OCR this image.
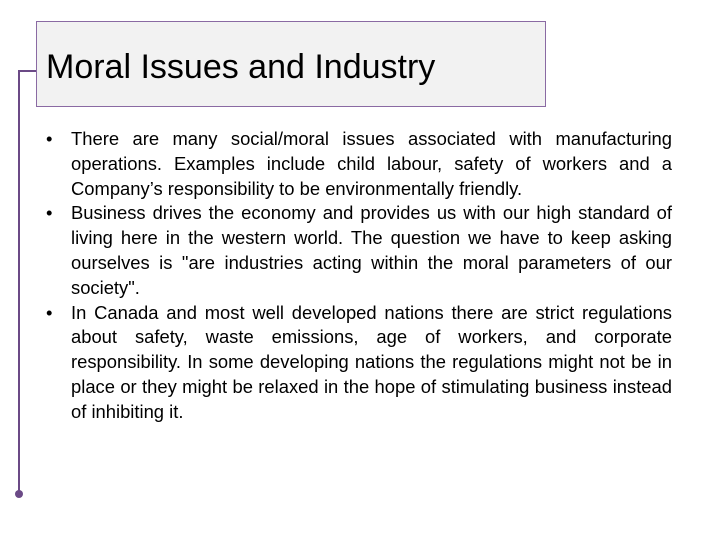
Moral Issues and Industry
• There are many social/moral issues associated with manufacturing operations. Examples include child labour, safety of workers and a Company’s responsibility to be environmentally friendly.
• Business drives the economy and provides us with our high standard of living here in the western world. The question we have to keep asking ourselves is "are industries acting within the moral parameters of our society".
• In Canada and most well developed nations there are strict regulations about safety, waste emissions, age of workers, and corporate responsibility. In some developing nations the regulations might not be in place or they might be relaxed in the hope of stimulating business instead of inhibiting it.
